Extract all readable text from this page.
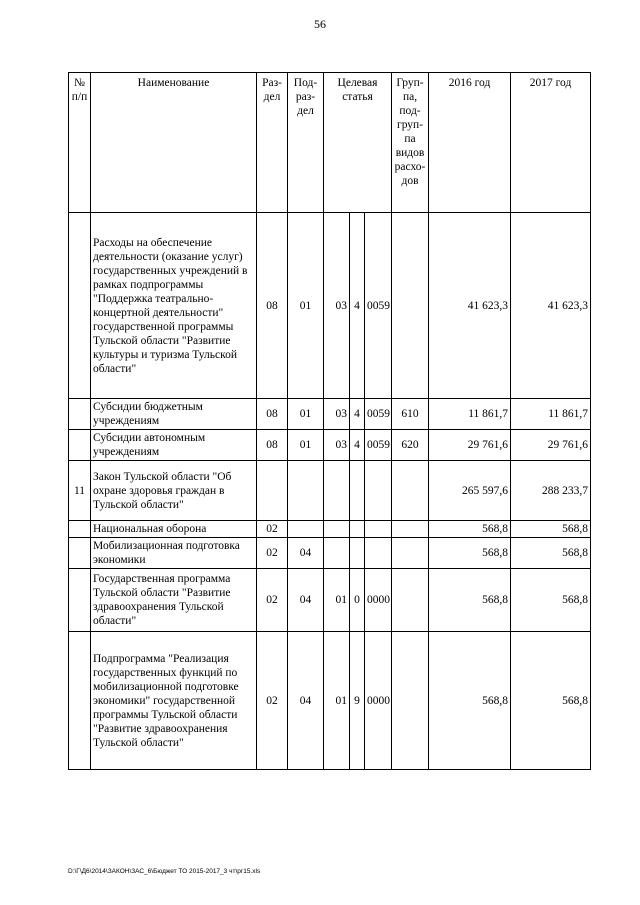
56
№ п/п	Наименование	Раз- дел	Под- раз- дел	Целевая статья			Груп- па, под- груп- па видов расхо- дов	2016 год	2017 год
	Расходы на обеспечение деятельности (оказание услуг) государственных учреждений в рамках подпрограммы "Поддержка театрально-концертной деятельности" государственной программы Тульской области "Развитие культуры и туризма Тульской области"	08	01	03	4	0059		41 623,3	41 623,3
	Субсидии бюджетным учреждениям	08	01	03	4	0059	610	11 861,7	11 861,7
	Субсидии автономным учреждениям	08	01	03	4	0059	620	29 761,6	29 761,6
11	Закон Тульской области "Об охране здоровья граждан в Тульской области"							265 597,6	288 233,7
	Национальная оборона	02						568,8	568,8
	Мобилизационная подготовка экономики	02	04					568,8	568,8
	Государственная программа Тульской области "Развитие здравоохранения Тульской области"	02	04	01	0	0000		568,8	568,8
	Подпрограмма "Реализация государственных функций по мобилизационной подготовке экономики" государственной программы Тульской области "Развитие здравоохранения Тульской области"	02	04	01	9	0000		568,8	568,8
D:\Г\Д6\2014\ЗАКОН\ЗАС_6\Бюджет ТО 2015-2017_3 чт\рг15.xls
